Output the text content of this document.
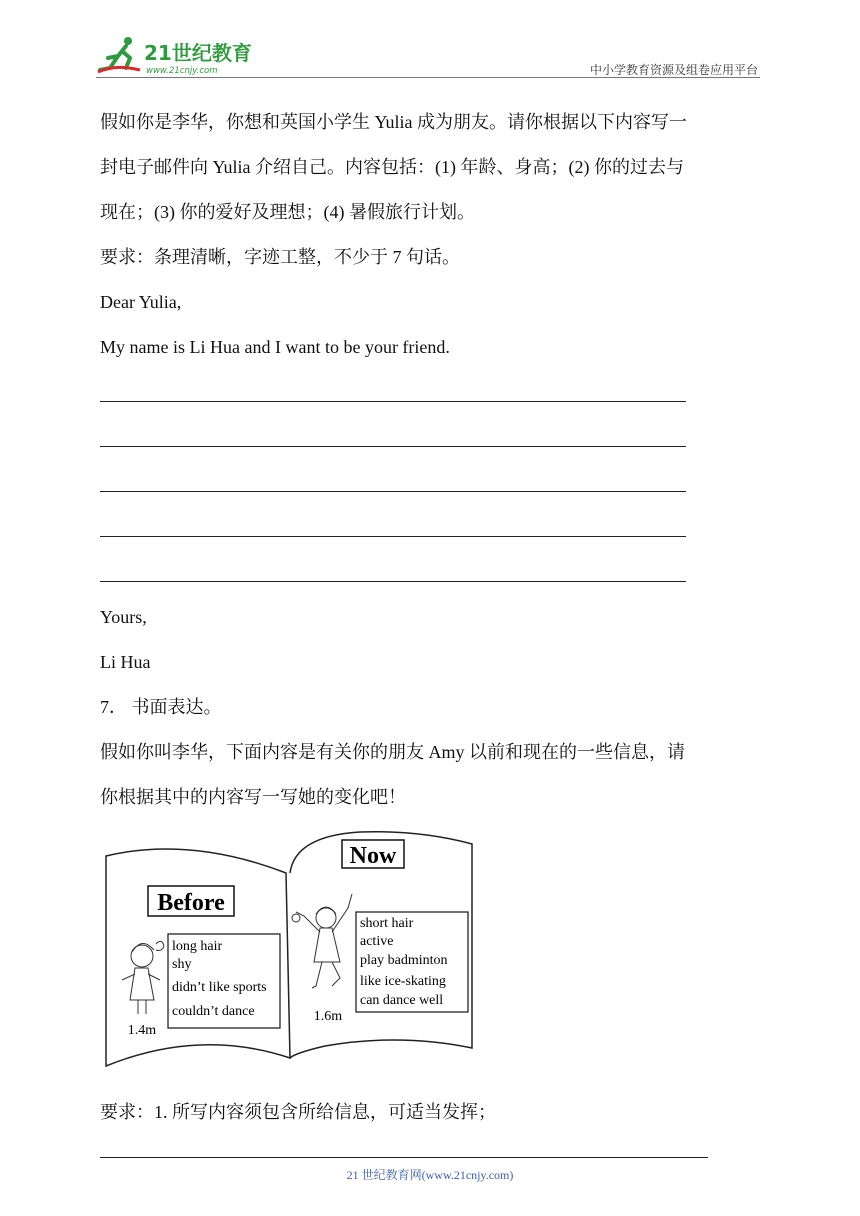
21世纪教育
www.21cnjy.com	中小学教育资源及组卷应用平台
假如你是李华，你想和英国小学生 Yulia 成为朋友。请你根据以下内容写一
封电子邮件向 Yulia 介绍自己。内容包括：(1) 年龄、身高；(2) 你的过去与
现在；(3) 你的爱好及理想；(4) 暑假旅行计划。
要求：条理清晰，字迹工整，不少于 7 句话。
Dear Yulia,
My name is Li Hua and I want to be your friend.
Yours,
Li Hua
7． 书面表达。
假如你叫李华，下面内容是有关你的朋友 Amy 以前和现在的一些信息，请
你根据其中的内容写一写她的变化吧！
Before
1.4m
long hair
shy
didn’t like sports
couldn’t dance
Now
1.6m
short hair
active
play badminton
like ice-skating
can dance well
要求：1. 所写内容须包含所给信息，可适当发挥；
21 世纪教育网(www.21cnjy.com)
